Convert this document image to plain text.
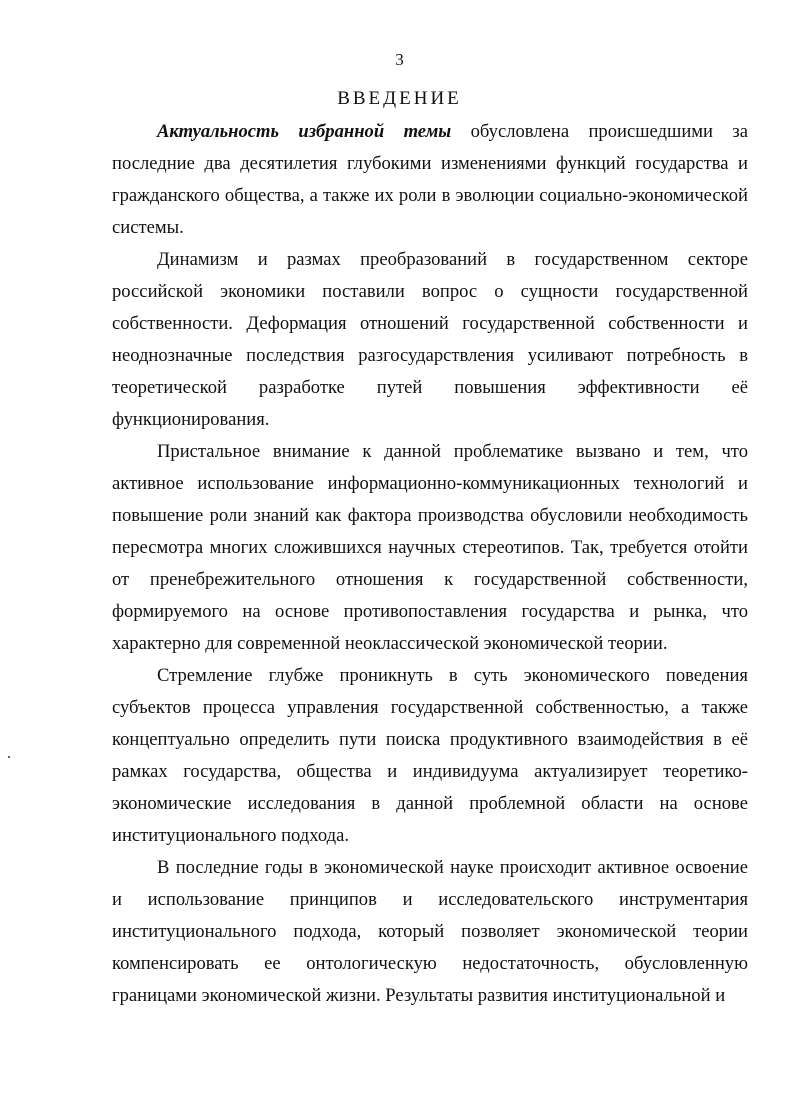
3
ВВЕДЕНИЕ

Актуальность избранной темы обусловлена происшедшими за последние два десятилетия глубокими изменениями функций государства и гражданского общества, а также их роли в эволюции социально-экономической системы.

Динамизм и размах преобразований в государственном секторе российской экономики поставили вопрос о сущности государственной собственности. Деформация отношений государственной собственности и неоднозначные последствия разгосударствления усиливают потребность в теоретической разработке путей повышения эффективности её функционирования.

Пристальное внимание к данной проблематике вызвано и тем, что активное использование информационно-коммуникационных технологий и повышение роли знаний как фактора производства обусловили необходимость пересмотра многих сложившихся научных стереотипов. Так, требуется отойти от пренебрежительного отношения к государственной собственности, формируемого на основе противопоставления государства и рынка, что характерно для современной неоклассической экономической теории.

Стремление глубже проникнуть в суть экономического поведения субъектов процесса управления государственной собственностью, а также концептуально определить пути поиска продуктивного взаимодействия в её рамках государства, общества и индивидуума актуализирует теоретико-экономические исследования в данной проблемной области на основе институционального подхода.

В последние годы в экономической науке происходит активное освоение и использование принципов и исследовательского инструментария институционального подхода, который позволяет экономической теории компенсировать ее онтологическую недостаточность, обусловленную границами экономической жизни. Результаты развития институциональной и
